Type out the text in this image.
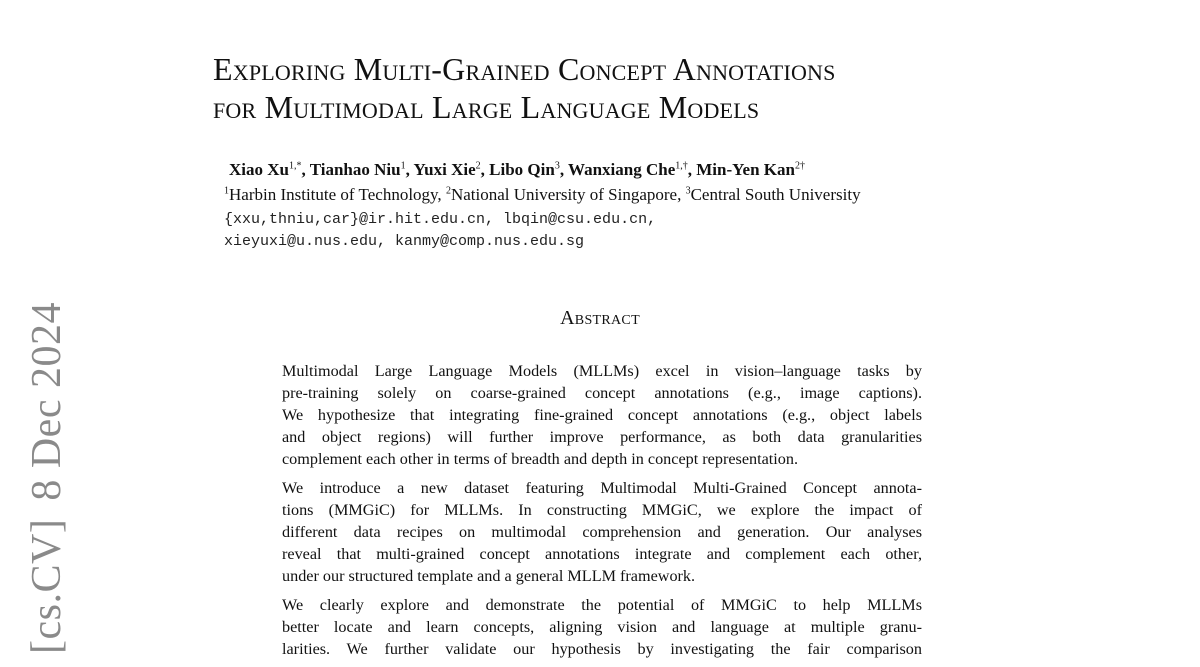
[cs.CV]8 Dec 2024
Exploring Multi-Grained Concept Annotations
for Multimodal Large Language Models
Xiao $Xu^{1,*}$, Tianhao Niu$^1$, Yuxi Xie$^2$, Libo Qin$^3$, Wanxiang Che$^{1,\dagger}$, Min-Yen Kan$^{2\dagger}$
$^1$Harbin Institute of Technology, $^2$National University of Singapore, $^3$Central South University
{xxu,thniu,car}@ir.hit.edu.cn, lbqin@csu.edu.cn,
xieyuxi@u.nus.edu, kanmy@comp.nus.edu.sg
Abstract
Multimodal Large Language Models (MLLMs) excel in vision–language tasks by
pre-training solely on coarse-grained concept annotations (e.g., image captions).
We hypothesize that integrating fine-grained concept annotations (e.g., object labels
and object regions) will further improve performance, as both data granularities
complement each other in terms of breadth and depth in concept representation.
We introduce a new dataset featuring Multimodal Multi-Grained Concept annota-
tions (MMGiC) for MLLMs. In constructing MMGiC, we explore the impact of
different data recipes on multimodal comprehension and generation. Our analyses
reveal that multi-grained concept annotations integrate and complement each other,
under our structured template and a general MLLM framework.
We clearly explore and demonstrate the potential of MMGiC to help MLLMs
better locate and learn concepts, aligning vision and language at multiple granu-
larities. We further validate our hypothesis by investigating the fair comparison
